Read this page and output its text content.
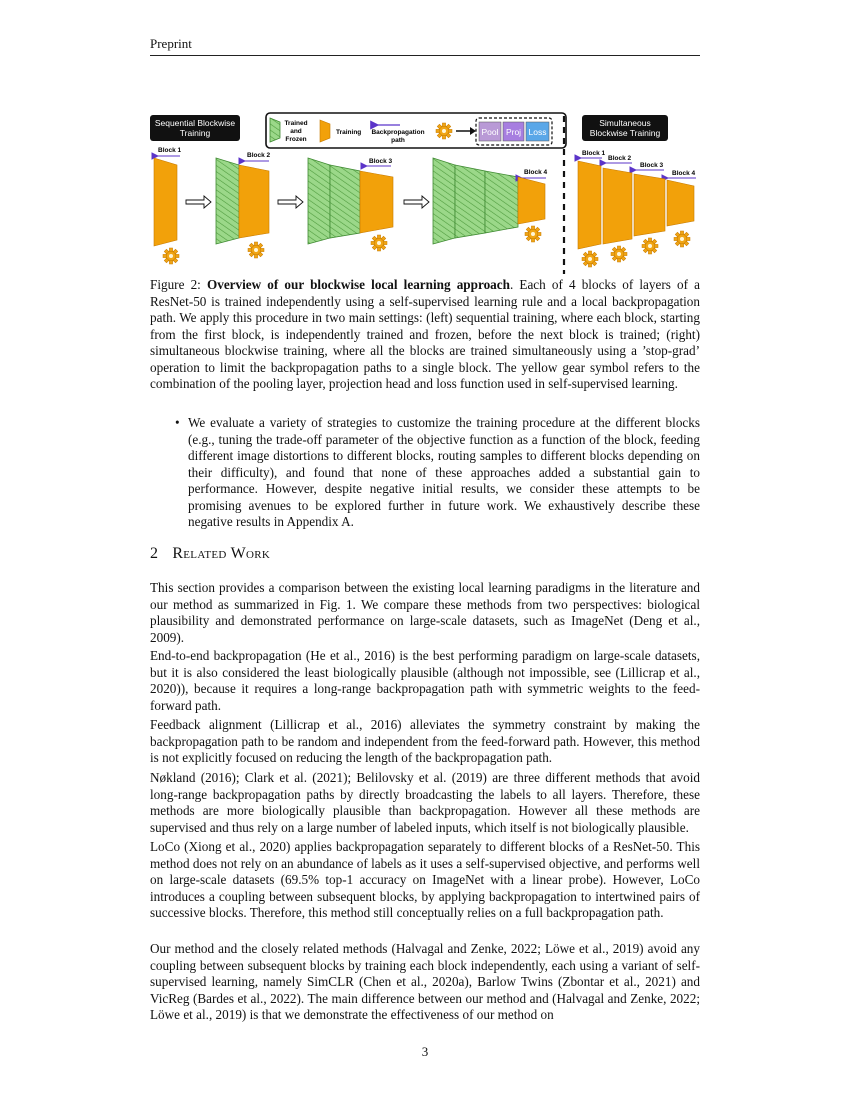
Preprint
Sequential Blockwise
Training
Trained
and
Frozen
Training Backpropagation
path
Pool Proj Loss
Block 1
Block 2
Block 3
Block 4
Simultaneous
Blockwise Training
Block 1
Block 2
Block 3
Block 4
Figure 2: Overview of our blockwise local learning approach. Each of 4 blocks of layers of a ResNet-50 is trained independently using a self-supervised learning rule and a local backpropagation path. We apply this procedure in two main settings: (left) sequential training, where each block, starting from the first block, is independently trained and frozen, before the next block is trained; (right) simultaneous blockwise training, where all the blocks are trained simultaneously using a ’stop-grad’ operation to limit the backpropagation paths to a single block. The yellow gear symbol refers to the combination of the pooling layer, projection head and loss function used in self-supervised learning.
• We evaluate a variety of strategies to customize the training procedure at the different blocks (e.g., tuning the trade-off parameter of the objective function as a function of the block, feeding different image distortions to different blocks, routing samples to different blocks depending on their difficulty), and found that none of these approaches added a substantial gain to performance. However, despite negative initial results, we consider these attempts to be promising avenues to be explored further in future work. We exhaustively describe these negative results in Appendix A.
2 Related Work
This section provides a comparison between the existing local learning paradigms in the literature and our method as summarized in Fig. 1. We compare these methods from two perspectives: biological plausibility and demonstrated performance on large-scale datasets, such as ImageNet (Deng et al., 2009).
End-to-end backpropagation (He et al., 2016) is the best performing paradigm on large-scale datasets, but it is also considered the least biologically plausible (although not impossible, see (Lillicrap et al., 2020)), because it requires a long-range backpropagation path with symmetric weights to the feed-forward path.
Feedback alignment (Lillicrap et al., 2016) alleviates the symmetry constraint by making the backpropagation path to be random and independent from the feed-forward path. However, this method is not explicitly focused on reducing the length of the backpropagation path.
Nøkland (2016); Clark et al. (2021); Belilovsky et al. (2019) are three different methods that avoid long-range backpropagation paths by directly broadcasting the labels to all layers. Therefore, these methods are more biologically plausible than backpropagation. However all these methods are supervised and thus rely on a large number of labeled inputs, which itself is not biologically plausible.
LoCo (Xiong et al., 2020) applies backpropagation separately to different blocks of a ResNet-50. This method does not rely on an abundance of labels as it uses a self-supervised objective, and performs well on large-scale datasets (69.5% top-1 accuracy on ImageNet with a linear probe). However, LoCo introduces a coupling between subsequent blocks, by applying backpropagation to intertwined pairs of successive blocks. Therefore, this method still conceptually relies on a full backpropagation path.
Our method and the closely related methods (Halvagal and Zenke, 2022; Löwe et al., 2019) avoid any coupling between subsequent blocks by training each block independently, each using a variant of self-supervised learning, namely SimCLR (Chen et al., 2020a), Barlow Twins (Zbontar et al., 2021) and VicReg (Bardes et al., 2022). The main difference between our method and (Halvagal and Zenke, 2022; Löwe et al., 2019) is that we demonstrate the effectiveness of our method on
3
